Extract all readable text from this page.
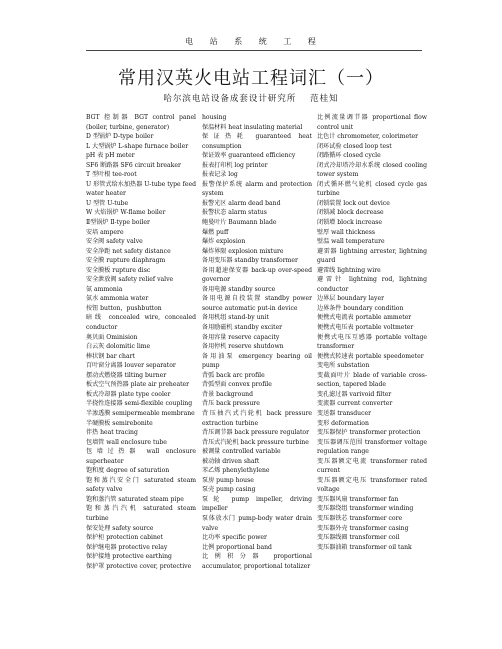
电 站 系 统 工 程
常用汉英火电站工程词汇（一）
哈尔滨电站设备成套设计研究所 范桂知
BGT 控制器 BGT control panel (boiler, turbine, generator)
D 型锅炉 D-type boiler
L 大型锅炉 L-shape furnace boiler
pH 表 pH meter
SF6 断路器 SF6 circuit breaker
T 型叶根 tee-root
U 形管式给水加热器 U-tube type feed water heater
U 型管 U-tube
W 火焰锅炉 W-flame boiler
Ⅱ型锅炉 Ⅱ-type boiler
安培 ampere
安全阀 safety valve
安全净距 net safety distance
安全膜 rupture diaphragm
安全膜板 rupture disc
安全泄放阀 safety relief valve
氨 ammonia
氨水 ammonia water
按钮 button，pushbutton
暗线 concealed wire, concealed conductor
奥贝面 Ominision
白云灰 dolomitic lime
棒状钢 bar chart
百叶窗分离器 louver separator
摆动式燃烧器 tilting burner
板式空气预热器 plate air preheater
板式冷却器 plate type cooler
半挠性连接器 semi-flexible coupling
半渗透膜 semipermeable membrane
半硬膜板 semirebonite
伴热 heat tracing
包墙管 wall enclosure tube
包墙过热器 wall enclosure superheater
饱和度 degree of saturation
饱和蒸汽安全门 saturated steam safety valve
饱和蒸汽管 saturated steam pipe
饱和蒸汽汽机 saturated steam turbine
保安处理 safety source
保护柜 protection cabinet
保护继电器 protective relay
保护接地 protective earthing
保护罩 protective cover, protective
housing
保温材料 heat insulating material
保证热耗 guaranteed heat consumption
保证效率 guaranteed efficiency
报表打印机 log printer
报表记录 log
报警保护系统 alarm and protection system
报警光区 alarm dead band
报警状态 alarm status
鲍曼叶片 Baumann blade
爆燃 puff
爆炸 explosion
爆炸界限 explosion mixture
备用变压器 standby transformer
备用超速保安器 back-up over-speed governor
备用电源 standby source
备用电源自投装置 standby power source automatic put-in device
备用机组 stand-by unit
备用励磁机 standby exciter
备用容量 reserve capacity
备用停机 reserve shutdown
备用油泵 emergency bearing oil pump
背弧 back arc profile
背弧型面 convex profile
背景 background
背压 back pressure
背压抽汽式汽轮机 back pressure extraction turbine
背压调节器 back pressure regulator
背压式汽轮机 back pressure turbine
被调量 controlled variable
被动轴 driven shaft
苯乙烯 phenylethylene
泵房 pump house
泵壳 pump casing
泵轮 pump impeller, driving impeller
泵体放水门 pump-body water drain valve
比功率 specific power
比例 proportional band
比例积分器 proportional accumulator, proportional totalizer
比例流量调节器 proportional flow control unit
比色计 chromometer, colorimeter
闭环试验 closed loop test
闭路循环 closed cycle
闭式冷却塔冷却水系统 closed cooling tower system
闭式循环燃气轮机 closed cycle gas turbine
闭锁装置 lock out device
闭锁减 block decrease
闭锁增 block increase
壁厚 wall thickness
壁温 wall temperature
避雷器 lightning arrester, lightning guard
避雷线 lightning wire
避雷针 lightning rod, lightning conductor
边界层 boundary layer
边界条件 boundary condition
便携式电流表 portable ammeter
便携式电压表 portable voltmeter
便携式电压互感器 portable voltage transformer
便携式转速表 portable speedometer
变电所 substation
变截面叶片 blade of variable cross-section, tapered blade
变孔滤过器 varivoid filter
变流器 current converter
变送器 transducer
变形 deformation
变压器保护 transformer protection
变压器调压范围 transformer voltage regulation range
变压器额定电流 transformer rated current
变压器额定电压 transformer rated voltage
变压器风扇 transformer fan
变压器绕组 transformer winding
变压器铁芯 transformer core
变压器外壳 transformer casing
变压器线圈 transformer coil
变压器油箱 transformer oil tank
